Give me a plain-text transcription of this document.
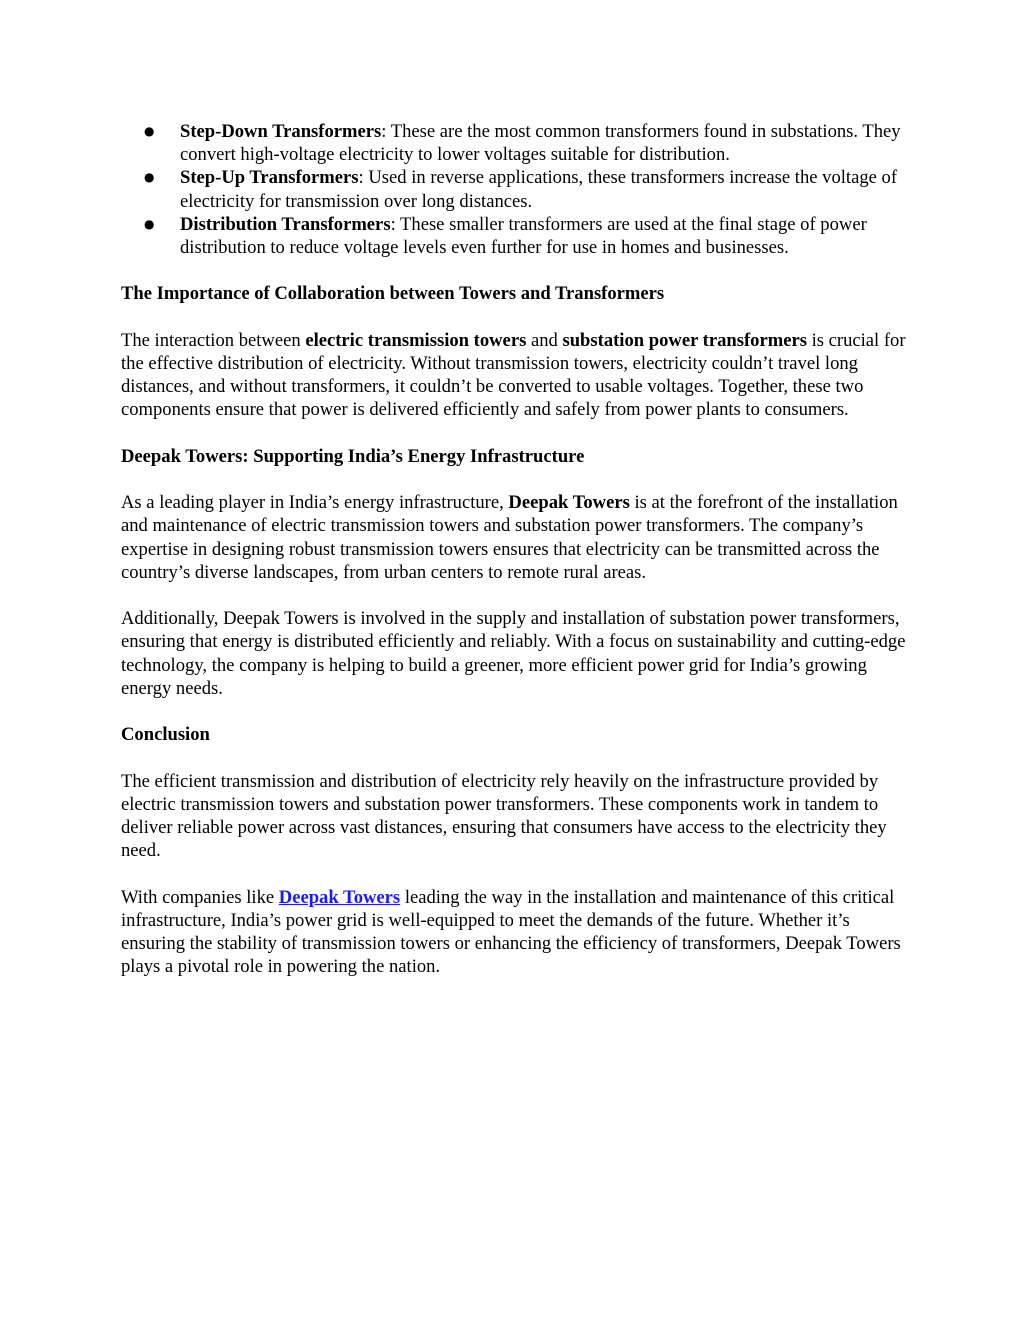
● Step-Down Transformers: These are the most common transformers found in substations. They convert high-voltage electricity to lower voltages suitable for distribution.
● Step-Up Transformers: Used in reverse applications, these transformers increase the voltage of electricity for transmission over long distances.
● Distribution Transformers: These smaller transformers are used at the final stage of power distribution to reduce voltage levels even further for use in homes and businesses.
The Importance of Collaboration between Towers and Transformers

The interaction between electric transmission towers and substation power transformers is crucial for the effective distribution of electricity. Without transmission towers, electricity couldn’t travel long distances, and without transformers, it couldn’t be converted to usable voltages. Together, these two components ensure that power is delivered efficiently and safely from power plants to consumers.

Deepak Towers: Supporting India’s Energy Infrastructure

As a leading player in India’s energy infrastructure, Deepak Towers is at the forefront of the installation and maintenance of electric transmission towers and substation power transformers. The company’s expertise in designing robust transmission towers ensures that electricity can be transmitted across the country’s diverse landscapes, from urban centers to remote rural areas.

Additionally, Deepak Towers is involved in the supply and installation of substation power transformers, ensuring that energy is distributed efficiently and reliably. With a focus on sustainability and cutting-edge technology, the company is helping to build a greener, more efficient power grid for India’s growing energy needs.

Conclusion

The efficient transmission and distribution of electricity rely heavily on the infrastructure provided by electric transmission towers and substation power transformers. These components work in tandem to deliver reliable power across vast distances, ensuring that consumers have access to the electricity they need.

With companies like Deepak Towers leading the way in the installation and maintenance of this critical infrastructure, India’s power grid is well-equipped to meet the demands of the future. Whether it’s ensuring the stability of transmission towers or enhancing the efficiency of transformers, Deepak Towers plays a pivotal role in powering the nation.
